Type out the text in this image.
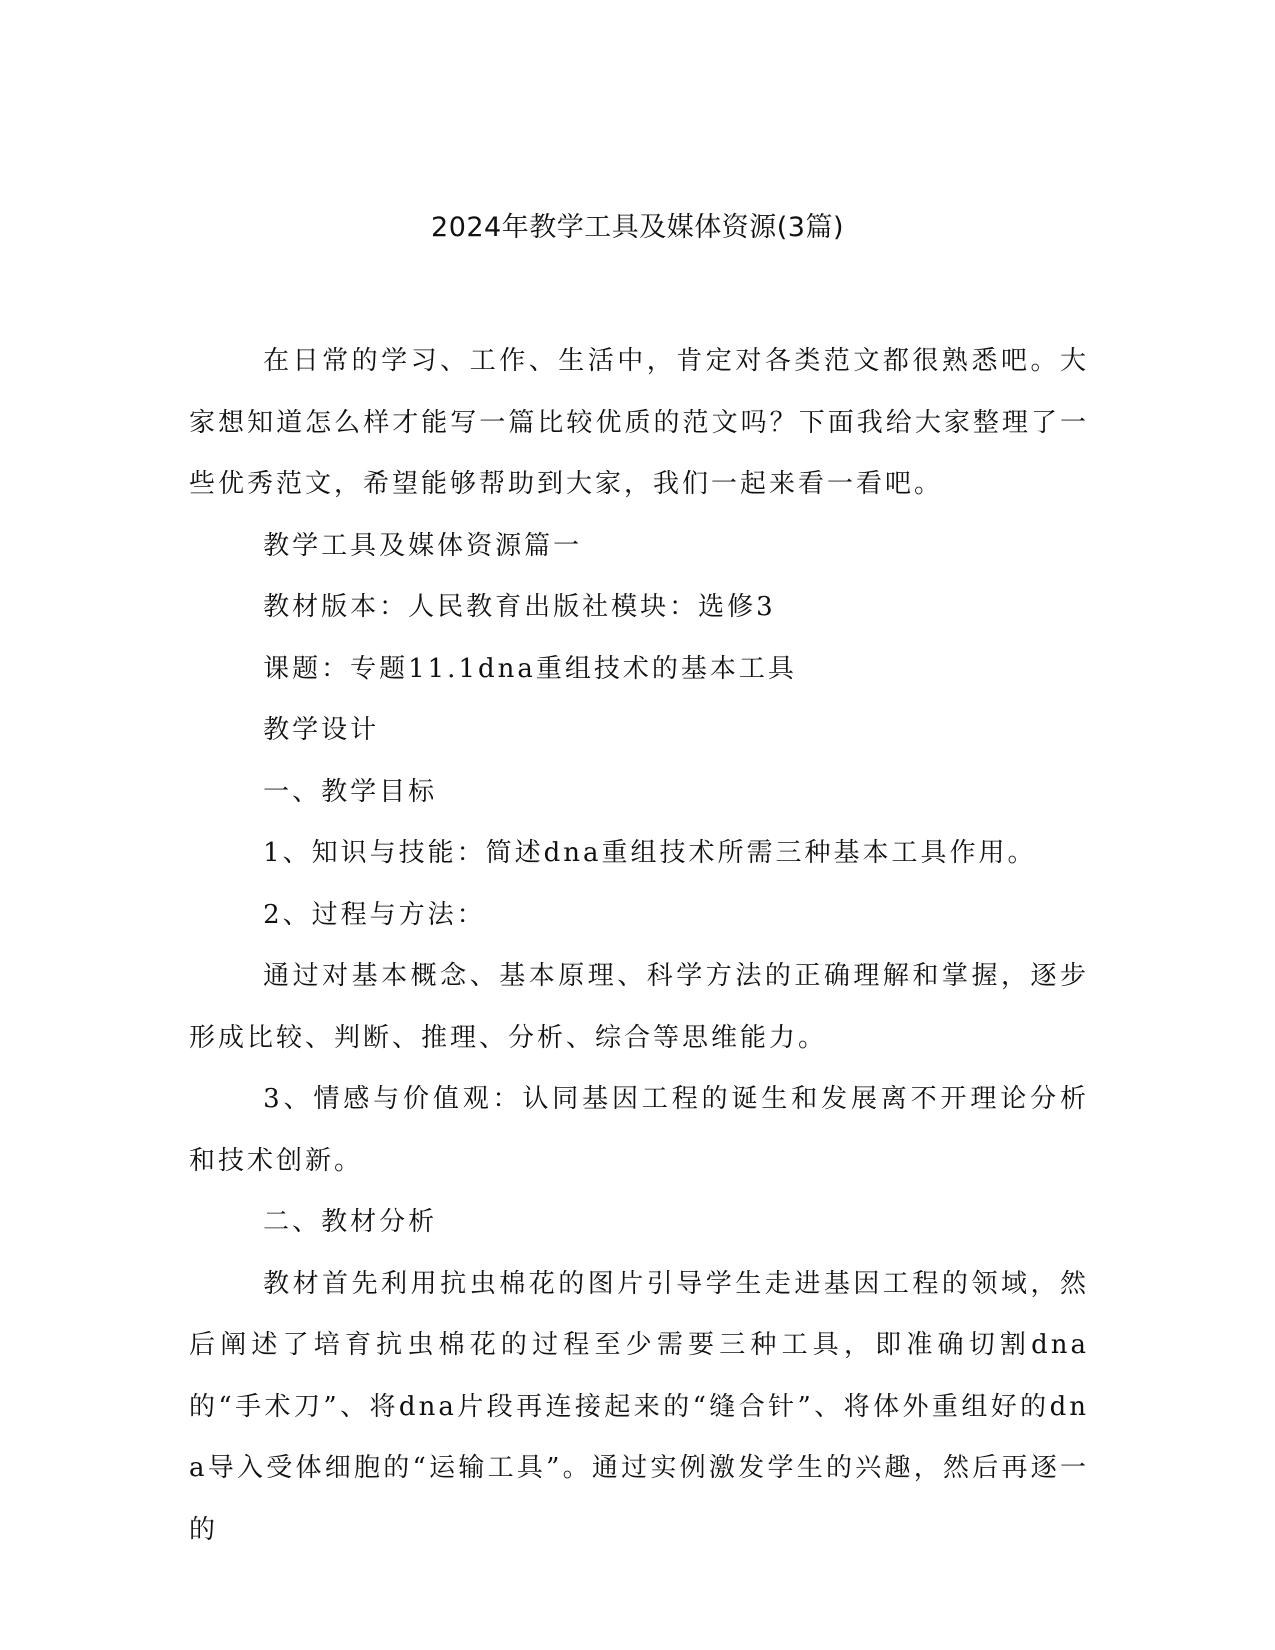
2024年教学工具及媒体资源(3篇)

在日常的学习、工作、生活中，肯定对各类范文都很熟悉吧。大家想知道怎么样才能写一篇比较优质的范文吗？下面我给大家整理了一些优秀范文，希望能够帮助到大家，我们一起来看一看吧。

教学工具及媒体资源篇一

教材版本：人民教育出版社模块：选修3

课题：专题11.1dna重组技术的基本工具

教学设计

一、教学目标

1、知识与技能：简述dna重组技术所需三种基本工具作用。

2、过程与方法：

通过对基本概念、基本原理、科学方法的正确理解和掌握，逐步形成比较、判断、推理、分析、综合等思维能力。

3、情感与价值观：认同基因工程的诞生和发展离不开理论分析和技术创新。

二、教材分析

教材首先利用抗虫棉花的图片引导学生走进基因工程的领域，然后阐述了培育抗虫棉花的过程至少需要三种工具，即准确切割dna的“手术刀”、将dna片段再连接起来的“缝合针”、将体外重组好的dna导入受体细胞的“运输工具”。通过实例激发学生的兴趣，然后再逐一的
